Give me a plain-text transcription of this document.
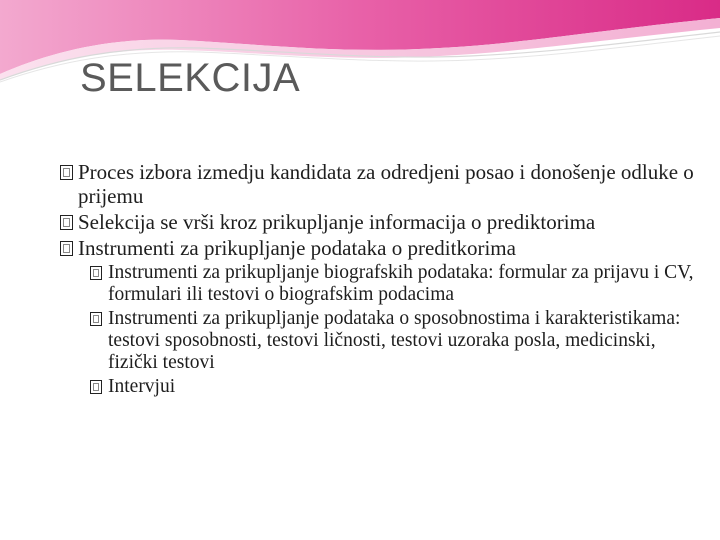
SELEKCIJA

Proces izbora izmedju kandidata za odredjeni posao i donošenje odluke o prijemu

Selekcija se vrši kroz prikupljanje informacija o prediktorima

Instrumenti za prikupljanje podataka o preditkorima

Instrumenti za prikupljanje biografskih podataka: formular za prijavu i CV, formulari ili testovi o biografskim podacima

Instrumenti za prikupljanje podataka o sposobnostima i karakteristikama: testovi sposobnosti, testovi ličnosti, testovi uzoraka posla, medicinski, fizički testovi

Intervjui
